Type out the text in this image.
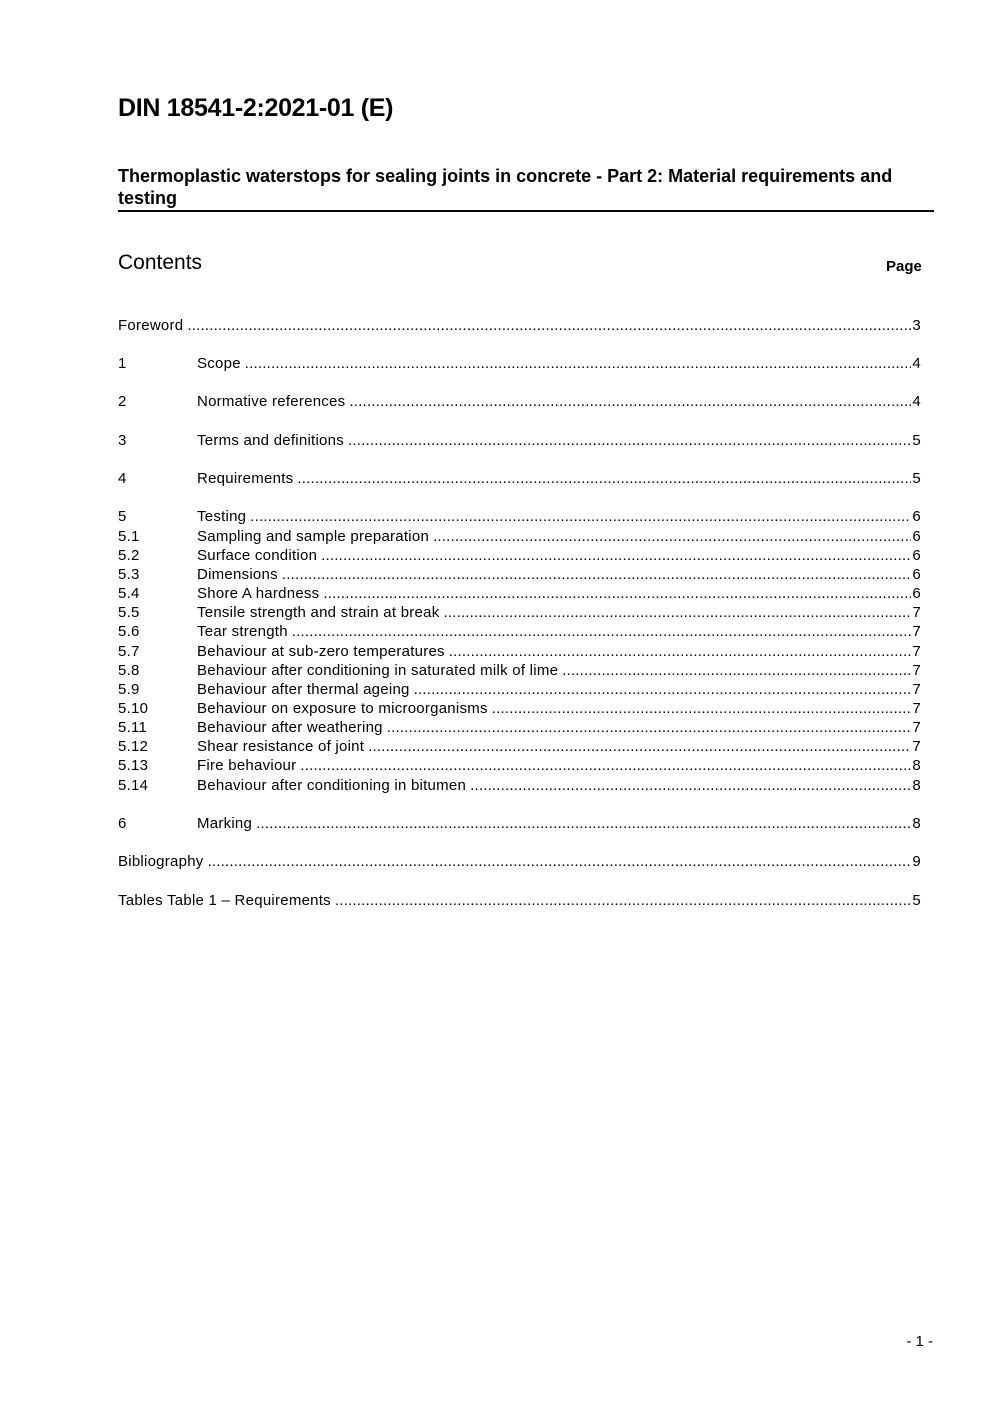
DIN 18541-2:2021-01 (E)
Thermoplastic waterstops for sealing joints in concrete - Part 2: Material requirements and testing
Contents	Page
Foreword .....	3
1	Scope .....	4
2	Normative references .....	4
3	Terms and definitions .....	5
4	Requirements .....	5
5	Testing .....	6
5.1	Sampling and sample preparation .....	6
5.2	Surface condition .....	6
5.3	Dimensions .....	6
5.4	Shore A hardness .....	6
5.5	Tensile strength and strain at break .....	7
5.6	Tear strength .....	7
5.7	Behaviour at sub-zero temperatures .....	7
5.8	Behaviour after conditioning in saturated milk of lime .....	7
5.9	Behaviour after thermal ageing .....	7
5.10	Behaviour on exposure to microorganisms .....	7
5.11	Behaviour after weathering .....	7
5.12	Shear resistance of joint .....	7
5.13	Fire behaviour .....	8
5.14	Behaviour after conditioning in bitumen .....	8
6	Marking .....	8
Bibliography .....	9
Tables Table 1 – Requirements .....	5
- 1 -
